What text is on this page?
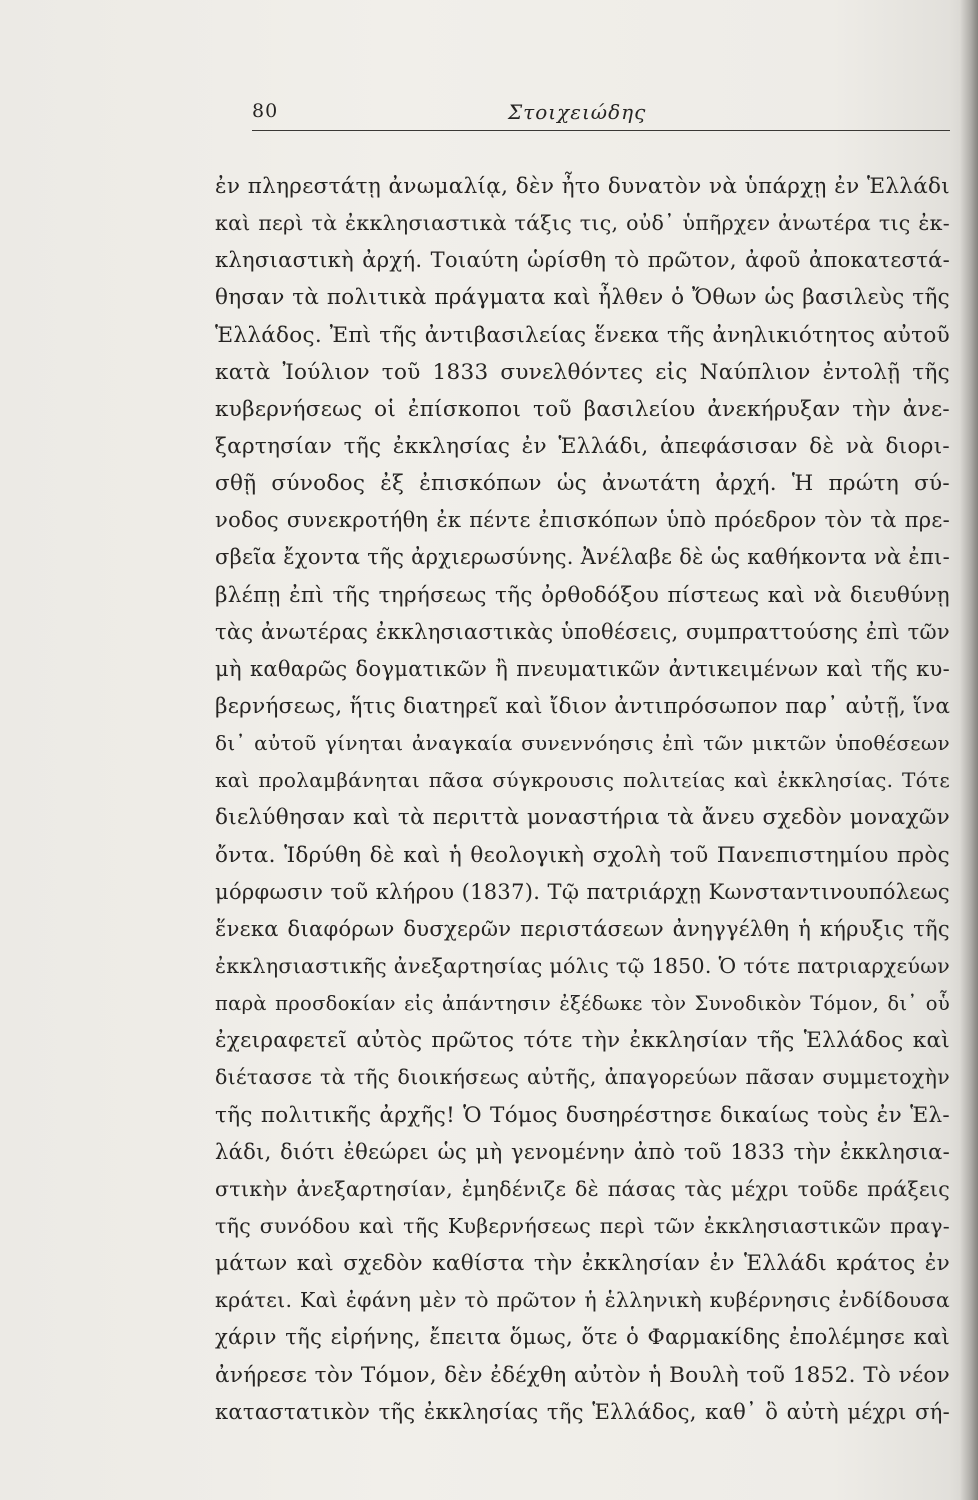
80	Στοιχειώδης
ἐν πληρεστάτῃ ἀνωμαλίᾳ, δὲν ἦτο δυνατὸν νὰ ὑπάρχῃ ἐν Ἑλλάδι
καὶ περὶ τὰ ἐκκλησιαστικὰ τάξις τις, οὐδ᾿ ὑπῆρχεν ἀνωτέρα τις ἐκ-
κλησιαστικὴ ἀρχή. Τοιαύτη ὡρίσθη τὸ πρῶτον, ἀφοῦ ἀποκατεστά-
θησαν τὰ πολιτικὰ πράγματα καὶ ἦλθεν ὁ Ὄθων ὡς βασιλεὺς τῆς
Ἑλλάδος. Ἐπὶ τῆς ἀντιβασιλείας ἕνεκα τῆς ἀνηλικιότητος αὐτοῦ
κατὰ Ἰούλιον τοῦ 1833 συνελθόντες εἰς Ναύπλιον ἐντολῇ τῆς
κυβερνήσεως οἱ ἐπίσκοποι τοῦ βασιλείου ἀνεκήρυξαν τὴν ἀνε-
ξαρτησίαν τῆς ἐκκλησίας ἐν Ἑλλάδι, ἀπεφάσισαν δὲ νὰ διορι-
σθῇ σύνοδος ἐξ ἐπισκόπων ὡς ἀνωτάτη ἀρχή. Ἡ πρώτη σύ-
νοδος συνεκροτήθη ἐκ πέντε ἐπισκόπων ὑπὸ πρόεδρον τὸν τὰ πρε-
σβεῖα ἔχοντα τῆς ἀρχιερωσύνης. Ἀνέλαβε δὲ ὡς καθήκοντα νὰ ἐπι-
βλέπῃ ἐπὶ τῆς τηρήσεως τῆς ὀρθοδόξου πίστεως καὶ νὰ διευθύνῃ
τὰς ἀνωτέρας ἐκκλησιαστικὰς ὑποθέσεις, συμπραττούσης ἐπὶ τῶν
μὴ καθαρῶς δογματικῶν ἢ πνευματικῶν ἀντικειμένων καὶ τῆς κυ-
βερνήσεως, ἥτις διατηρεῖ καὶ ἴδιον ἀντιπρόσωπον παρ᾿ αὐτῇ, ἵνα
δι᾿ αὐτοῦ γίνηται ἀναγκαία συνεννόησις ἐπὶ τῶν μικτῶν ὑποθέσεων
καὶ προλαμβάνηται πᾶσα σύγκρουσις πολιτείας καὶ ἐκκλησίας. Τότε
διελύθησαν καὶ τὰ περιττὰ μοναστήρια τὰ ἄνευ σχεδὸν μοναχῶν
ὄντα. Ἱδρύθη δὲ καὶ ἡ θεολογικὴ σχολὴ τοῦ Πανεπιστημίου πρὸς
μόρφωσιν τοῦ κλήρου (1837). Τῷ πατριάρχῃ Κωνσταντινουπόλεως
ἕνεκα διαφόρων δυσχερῶν περιστάσεων ἀνηγγέλθη ἡ κήρυξις τῆς
ἐκκλησιαστικῆς ἀνεξαρτησίας μόλις τῷ 1850. Ὁ τότε πατριαρχεύων
παρὰ προσδοκίαν εἰς ἀπάντησιν ἐξέδωκε τὸν Συνοδικὸν Τόμον, δι᾿ οὗ
ἐχειραφετεῖ αὐτὸς πρῶτος τότε τὴν ἐκκλησίαν τῆς Ἑλλάδος καὶ
διέτασσε τὰ τῆς διοικήσεως αὐτῆς, ἀπαγορεύων πᾶσαν συμμετοχὴν
τῆς πολιτικῆς ἀρχῆς! Ὁ Τόμος δυσηρέστησε δικαίως τοὺς ἐν Ἑλ-
λάδι, διότι ἐθεώρει ὡς μὴ γενομένην ἀπὸ τοῦ 1833 τὴν ἐκκλησια-
στικὴν ἀνεξαρτησίαν, ἐμηδένιζε δὲ πάσας τὰς μέχρι τοῦδε πράξεις
τῆς συνόδου καὶ τῆς Κυβερνήσεως περὶ τῶν ἐκκλησιαστικῶν πραγ-
μάτων καὶ σχεδὸν καθίστα τὴν ἐκκλησίαν ἐν Ἑλλάδι κράτος ἐν
κράτει. Καὶ ἐφάνη μὲν τὸ πρῶτον ἡ ἑλληνικὴ κυβέρνησις ἐνδίδουσα
χάριν τῆς εἰρήνης, ἔπειτα ὅμως, ὅτε ὁ Φαρμακίδης ἐπολέμησε καὶ
ἀνήρεσε τὸν Τόμον, δὲν ἐδέχθη αὐτὸν ἡ Βουλὴ τοῦ 1852. Τὸ νέον
καταστατικὸν τῆς ἐκκλησίας τῆς Ἑλλάδος, καθ᾿ ὃ αὐτὴ μέχρι σή-
